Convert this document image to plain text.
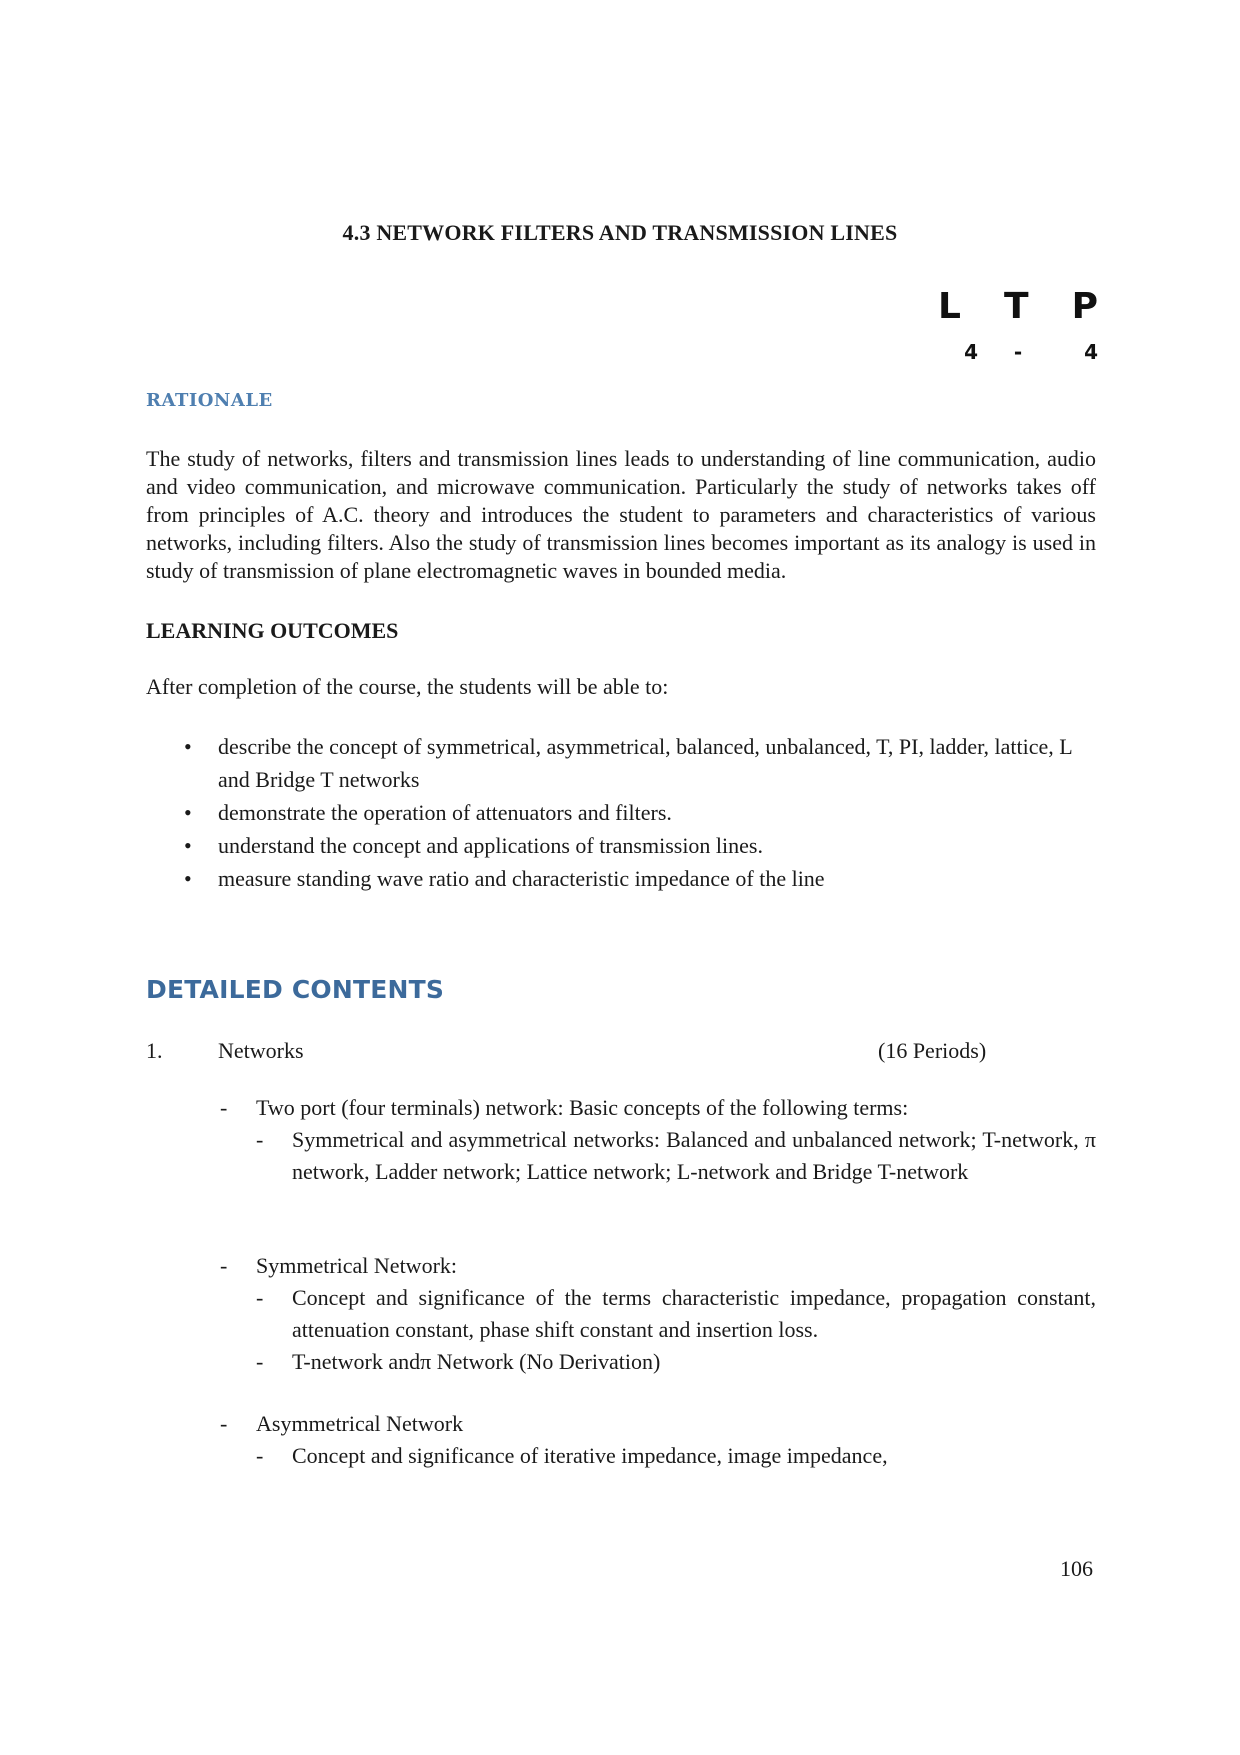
4.3 NETWORK FILTERS AND TRANSMISSION LINES
L T P
4	-	4
RATIONALE
The study of networks, filters and transmission lines leads to understanding of line communication, audio and video communication, and microwave communication. Particularly the study of networks takes off from principles of A.C. theory and introduces the student to parameters and characteristics of various networks, including filters. Also the study of transmission lines becomes important as its analogy is used in study of transmission of plane electromagnetic waves in bounded media.
LEARNING OUTCOMES
After completion of the course, the students will be able to:
• describe the concept of symmetrical, asymmetrical, balanced, unbalanced, T, PI, ladder, lattice, L and Bridge T networks
• demonstrate the operation of attenuators and filters.
• understand the concept and applications of transmission lines.
• measure standing wave ratio and characteristic impedance of the line
DETAILED CONTENTS
1.	Networks	(16 Periods)
- Two port (four terminals) network: Basic concepts of the following terms:
- Symmetrical and asymmetrical networks: Balanced and unbalanced network; T-network, π network, Ladder network; Lattice network; L-network and Bridge T-network
- Symmetrical Network:
- Concept and significance of the terms characteristic impedance, propagation constant, attenuation constant, phase shift constant and insertion loss.
- T-network andπ Network (No Derivation)
- Asymmetrical Network
- Concept and significance of iterative impedance, image impedance,
106
